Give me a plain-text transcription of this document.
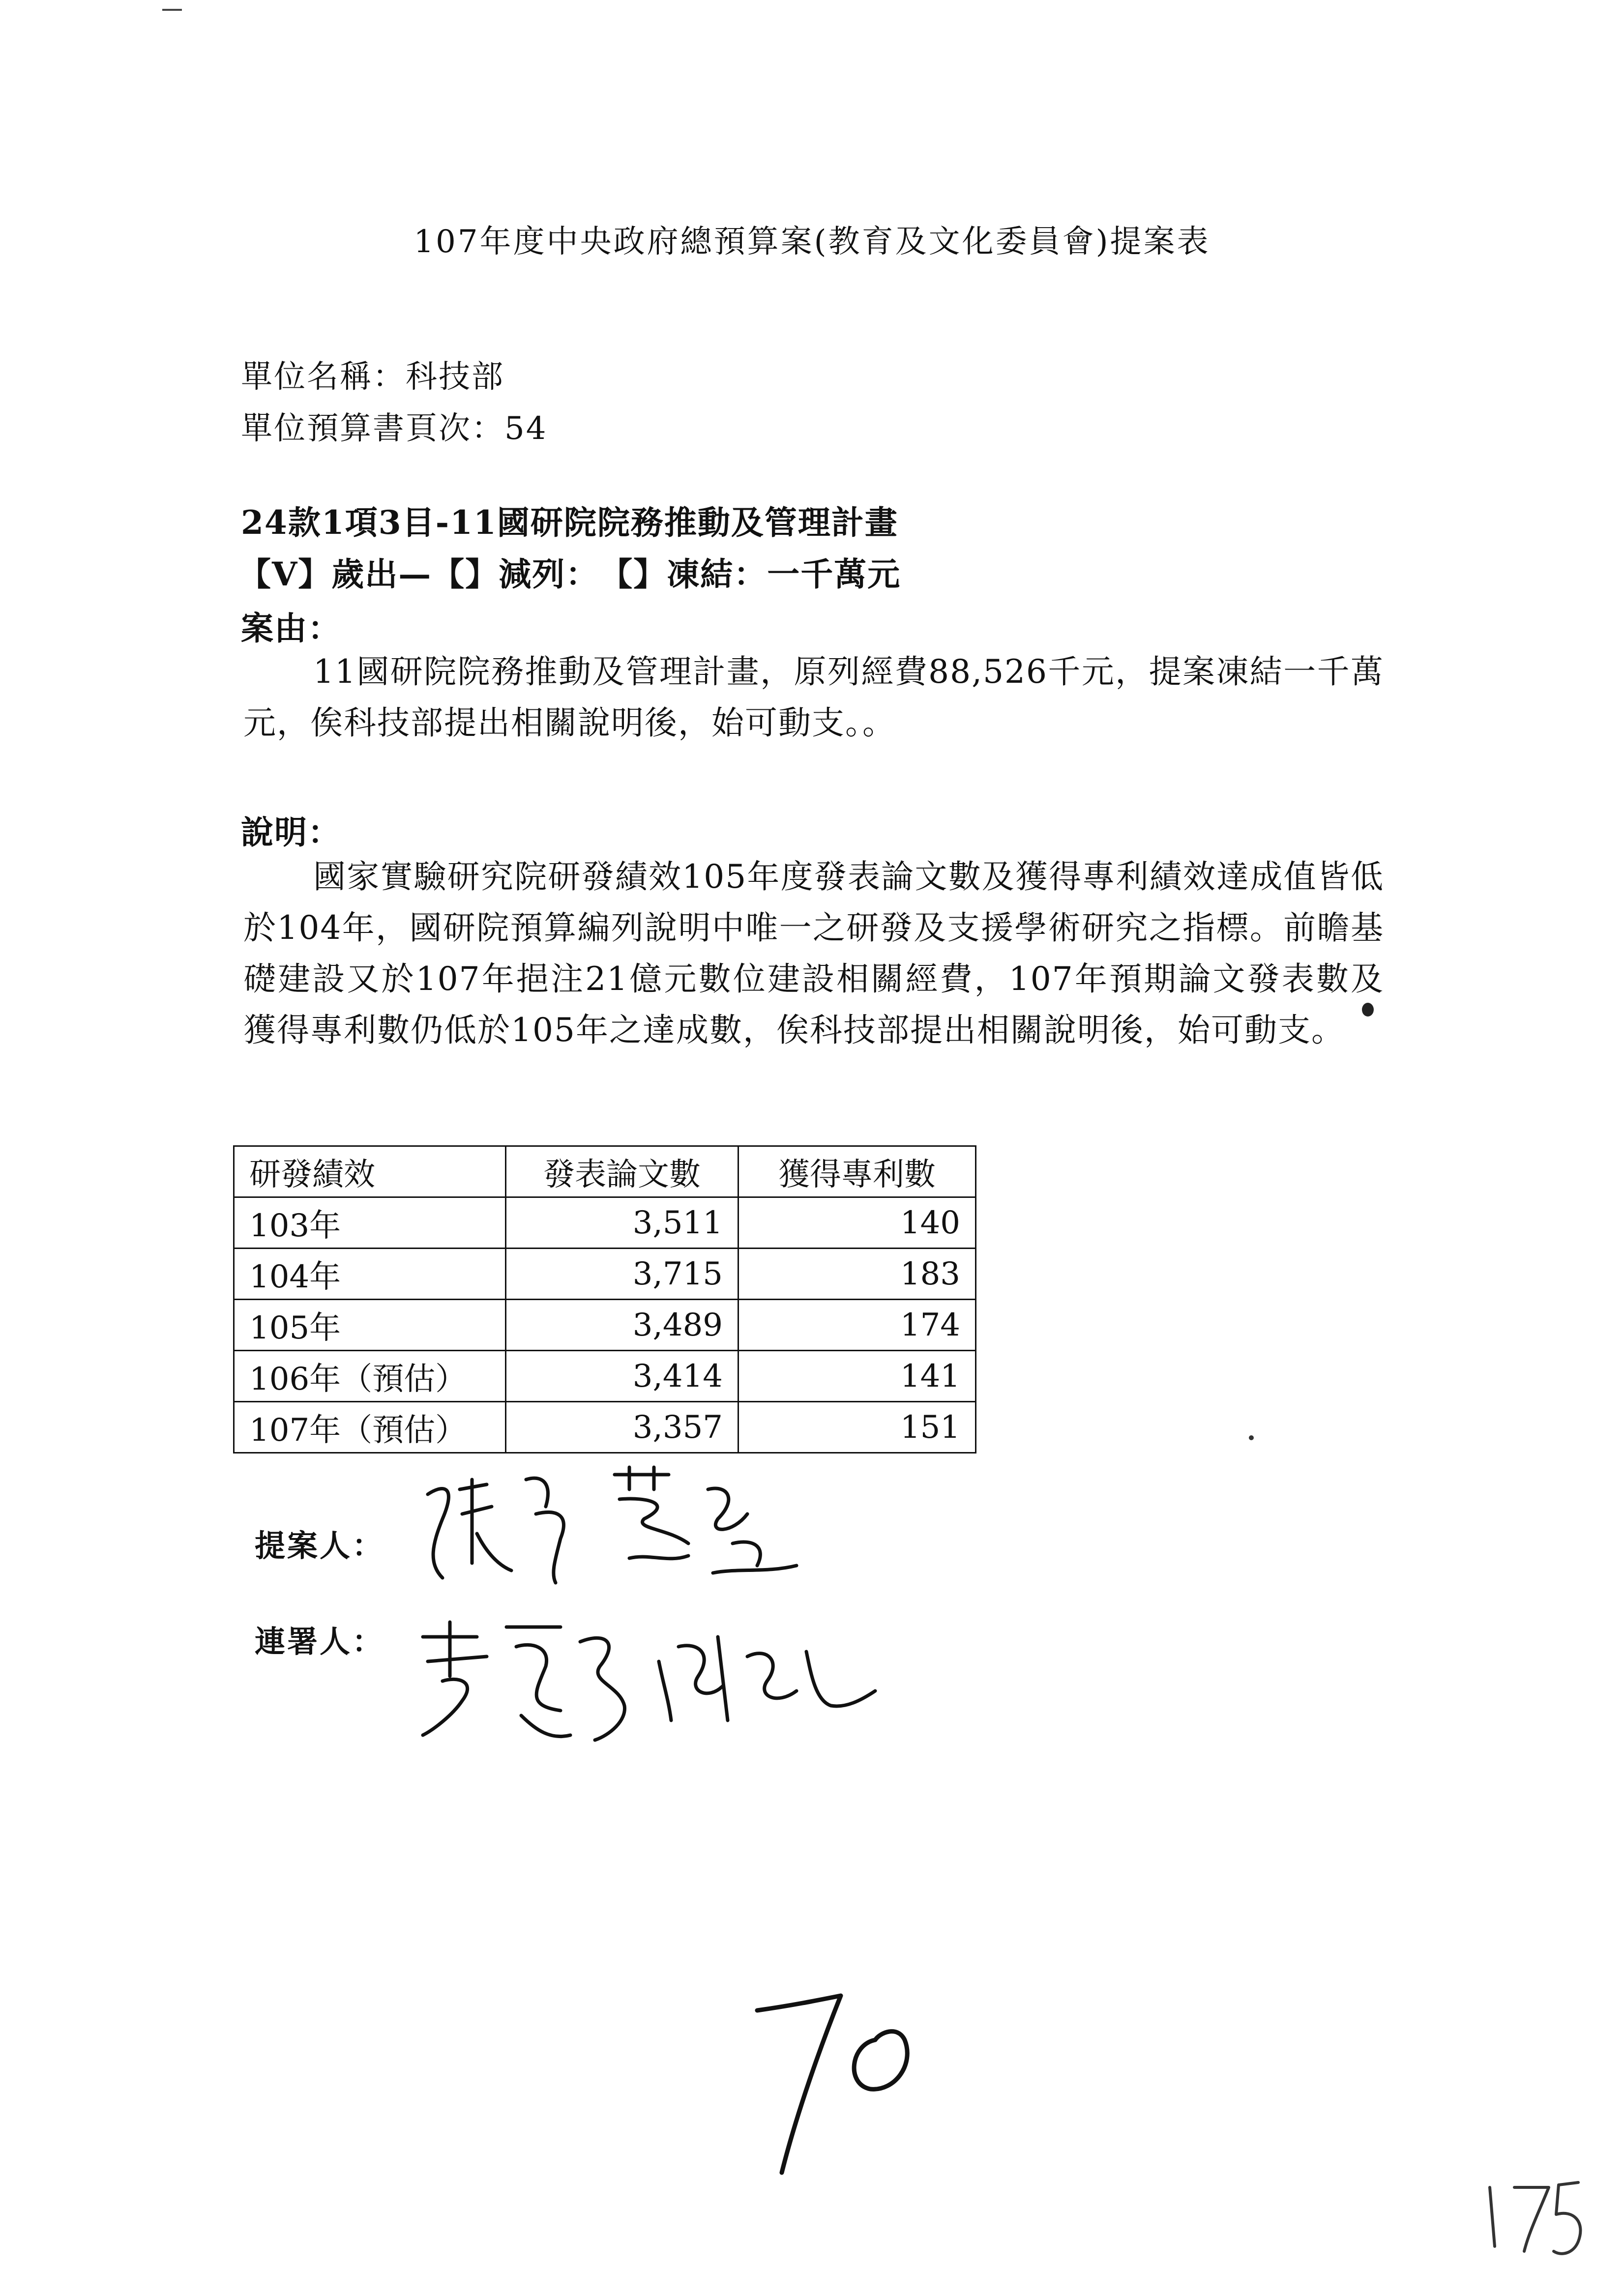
107年度中央政府總預算案(教育及文化委員會)提案表
單位名稱：科技部
單位預算書頁次：54
24款1項3目-11國研院院務推動及管理計畫
【V】歲出—【】減列：　【】凍結：一千萬元
案由：
11國研院院務推動及管理計畫，原列經費88,526千元，提案凍結一千萬元，俟科技部提出相關說明後，始可動支。。
說明：
國家實驗研究院研發績效105年度發表論文數及獲得專利績效達成值皆低於104年，國研院預算編列說明中唯一之研發及支援學術研究之指標。前瞻基礎建設又於107年挹注21億元數位建設相關經費，107年預期論文發表數及獲得專利數仍低於105年之達成數，俟科技部提出相關說明後，始可動支。
研發績效	發表論文數	獲得專利數
103年	3,511	140
104年	3,715	183
105年	3,489	174
106年（預估）	3,414	141
107年（預估）	3,357	151
提案人：
連署人：
